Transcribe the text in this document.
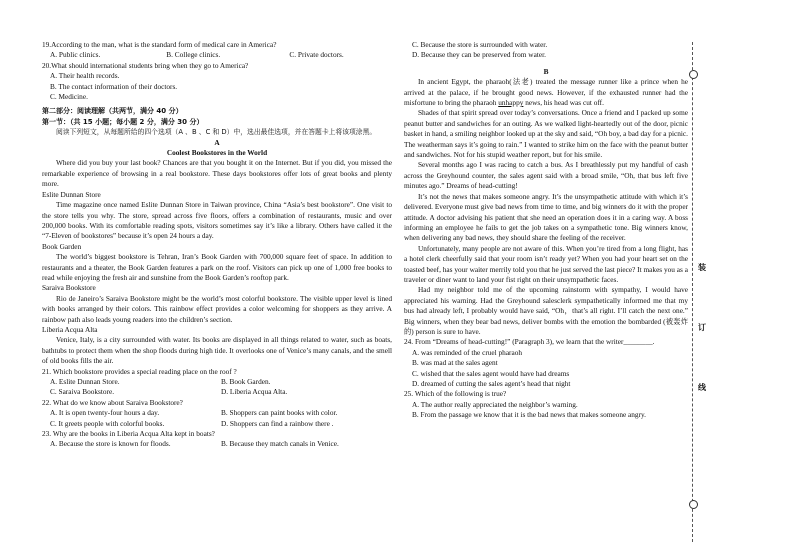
19.According to the man, what is the standard form of medical care in America?

A. Public clinics.	B. College clinics.	C. Private doctors.

20.What should international students bring when they go to America?

A. Their health records.

B. The contact information of their doctors.

C. Medicine.

第二部分：阅读理解（共两节，满分 40 分）

第一节：（共 15 小题；每小题 2 分，满分 30 分）

阅读下列短文，从每题所给的四个选项（A 、B 、C 和 D）中，选出最佳选项，并在答题卡上将该项涂黑。

A

Coolest Bookstores in the World

Where did you buy your last book? Chances are that you bought it on the Internet. But if you did, you missed the remarkable experience of browsing in a real bookstore. These days bookstores offer lots of great books and plenty more.

Eslite Dunnan Store

Time magazine once named Eslite Dunnan Store in Taiwan province, China “Asia’s best bookstore”. One visit to the store tells you why. The store, spread across five floors, offers a combination of restaurants, music and over 200,000 books. With its comfortable reading spots, visitors sometimes say it’s like a library. Others have called it the “7-Eleven of bookstores” because it’s open 24 hours a day.

Book Garden

The world’s biggest bookstore is Tehran, Iran’s Book Garden with 700,000 square feet of space. In addition to restaurants and a theater, the Book Garden features a park on the roof. Visitors can pick up one of 1,000 free books to read while enjoying the fresh air and sunshine from the Book Garden’s rooftop park.

Saraiva Bookstore

Rio de Janeiro’s Saraiva Bookstore might be the world’s most colorful bookstore. The visible upper level is lined with books arranged by their colors. This rainbow effect provides a color welcoming for shoppers as they arrive. A rainbow path also leads young readers into the children’s section.

Liberia Acqua Alta

Venice, Italy, is a city surrounded with water. Its books are displayed in all things related to water, such as boats, bathtubs to protect them when the shop floods during high tide. It overlooks one of Venice’s many canals, and the smell of old books fills the air.

21. Which bookstore provides a special reading place on the roof ?

A. Eslite Dunnan Store.	B. Book Garden.

C. Saraiva Bookstore.	D. Liberia Acqua Alta.

22. What do we know about Saraiva Bookstore?

A. It is open twenty-four hours a day.	B. Shoppers can paint books with color.

C. It greets people with colorful books.	D. Shoppers can find a rainbow there .

23. Why are the books in Liberia Acqua Alta kept in boats?

A. Because the store is known for floods.	B. Because they match canals in Venice.

C. Because the store is surrounded with water.

D. Because they can be preserved from water.

B

In ancient Egypt, the pharaoh(法老) treated the message runner like a prince when he arrived at the palace, if he brought good news. However, if the exhausted runner had the misfortune to bring the pharaoh unhappy news, his head was cut off.

Shades of that spirit spread over today’s conversations. Once a friend and I packed up some peanut butter and sandwiches for an outing. As we walked light-heartedly out of the door, picnic basket in hand, a smiling neighbor looked up at the sky and said, “Oh boy, a bad day for a picnic. The weatherman says it’s going to rain.” I wanted to strike him on the face with the peanut butter and sandwiches. Not for his stupid weather report, but for his smile.

Several months ago I was racing to catch a bus. As I breathlessly put my handful of cash across the Greyhound counter, the sales agent said with a broad smile, “Oh, that bus left five minutes ago.” Dreams of head-cutting!

It’s not the news that makes someone angry. It’s the unsympathetic attitude with which it’s delivered. Everyone must give bad news from time to time, and big winners do it with the proper attitude. A doctor advising his patient that she need an operation does it in a caring way. A boss informing an employee he fails to get the job takes on a sympathetic tone. Big winners know, when delivering any bad news, they should share the feeling of the receiver.

Unfortunately, many people are not aware of this. When you’re tired from a long flight, has a hotel clerk cheerfully said that your room isn’t ready yet? When you had your heart set on the toasted beef, has your waiter merrily told you that he just served the last piece? It makes you as a traveler or diner want to land your fist right on their unsympathetic faces.

Had my neighbor told me of the upcoming rainstorm with sympathy, I would have appreciated his warning. Had the Greyhound salesclerk sympathetically informed me that my bus had already left, I probably would have said, “Oh，that’s all right. I’ll catch the next one.” Big winners, when they bear bad news, deliver bombs with the emotion the bombarded (被轰炸的) person is sure to have.

24. From “Dreams of head-cutting!” (Paragraph 3), we learn that the writer________.

A. was reminded of the cruel pharaoh

B. was mad at the sales agent

C. wished that the sales agent would have had dreams

D. dreamed of cutting the sales agent’s head that night

25. Which of the following is true?

A. The author really appreciated the neighbor’s warning.

B. From the passage we know that it is the bad news that makes someone angry.

装
订
线
